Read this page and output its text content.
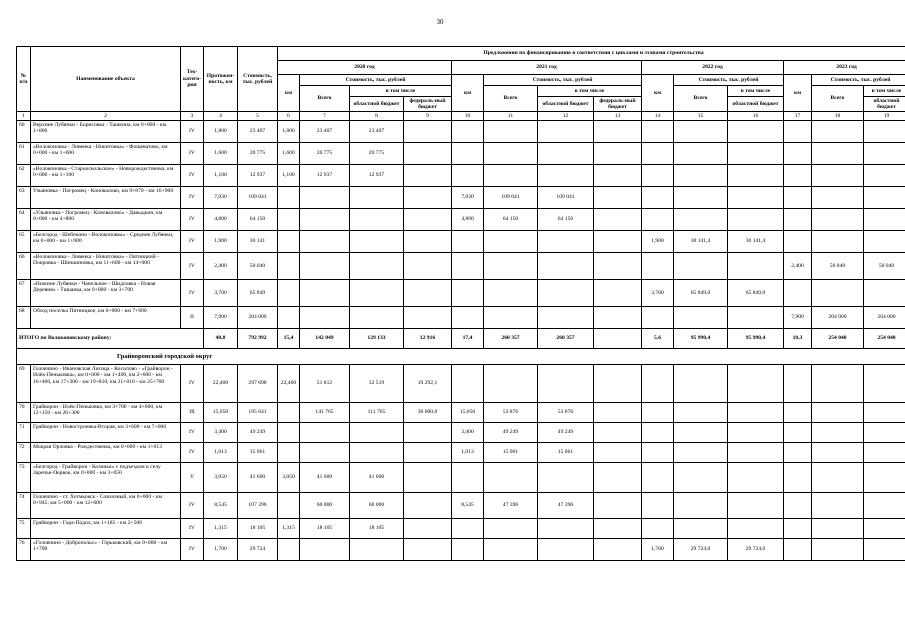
30
№ п/п	Наименование объекта	Тех-катего-рия	Протяжен-ность, км	Стоимость, тыс. рублей	Предложения по финансированию в соответствии с циклами и этапами строительства													
					2020 год				2021 год				2022 год			2023 год		
					км	Стоимость, тыс. рублей			км	Стоимость, тыс. рублей			км	Стоимость, тыс. рублей		км	Стоимость, тыс. рублей	
						Всего	в том числе			Всего	в том числе			Всего	в том числе		Всего	в том числе
							областной бюджет	федераль-ный бюджет			областной бюджет	федераль-ный бюджет			областной бюджет			областной бюджет
1	2	3	4	5	6	7	8	9	10	11	12	13	14	15	16	17	18	19
60	Верхние Лубянки - Борисовка - Ташкина, км 0+000 - км 1+800	IV	1,800	23 407	1,800	23 407	23 407											
61	«Волоконовка - Ливенка - Никитовка» - Фощеватово, км 0+000 - км 1+600	IV	1,600	20 775	1,600	20 775	20 775											
62	«Волоконовка - Старооскольское» - Новорождественка, км 0+000 - км 1+100	IV	1,100	12 937	1,100	12 937	12 937											
63	Ульяновка - Погромец - Коновалово, км 9+870 - км 16+900	IV	7,030	109 041					7,030	109 041	109 041							
64	«Ульяновка - Погромец - Коновалово» - Давыдкин, км 0+000 - км 4+800	IV	4,800	64 150					4,800	64 150	64 150							
65	«Белгород - Шебекино - Волоконовка» - Средние Лубянки, км 0+000 - км 1+900	IV	1,900	30 141									1,900	30 141,4	30 141,4			
66	«Волоконовка - Ливенка - Никитовка» - Пятницкий - Покровка - Шиншиновка, км 11+600 - км 14+000	IV	2,400	50 040												2,400	50 040	50 040
67	«Нижние Лубянки - Чапельное - Шидловка - Новая Деревня» - Тишанка, км 0+000 - км 3+700	IV	3,700	65 849									3,700	65 849,0	65 849,0			
68	Обход поселка Пятницкое, км 0+000 - км 7+900	II	7,900	204 000												7,900	204 000	204 000
ИТОГО по Волоконовскому району:			48,8	792 992	15,4	142 049	129 133	12 916	17,4	260 357	260 357		5,6	95 990,4	95 990,4	10,3	254 040	254 040
Грайворонский городской округ																		
69	Головчино - Ивановская Лисица - Косилово - «Грайворон - Илёк-Пеньковка», км 0+000 - км 1+400, км 2+600 - км 16+400, км 17+300 - км 19+810, км 21+010 - км 25+700	IV	22,400	297 698	22,400	51 812	32 519	19 292,1										
70	Грайворон - Илёк-Пеньковка, км 3+700 - км 4+600, км 12+150 - км 26+300	III	15,050	195 641		141 765	111 765	30 000,0	15,050	53 876	53 876							
71	Грайворон - Новостроевка-Вторая, км 3+600 - км 7+000	IV	3,400	49 249					3,400	49 249	49 249							
72	Мокрая Орловка - Рождественка, км 0+000 - км 1+013	IV	1,013	15 061					1,013	15 061	15 061							
73	«Белгород - Грайворон - Козинка» с подъездом к селу Заречье-Первое, км 0+000 - км 3+050	V	3,050	41 600	3,050	41 600	41 600											
74	Головчино - ст. Хотмыжск - Совхозный, км 0+000 - км 0+945; км 5+000 - км 12+600	IV	8,545	107 396		60 000	60 000		8,545	47 396	47 396							
75	Грайворон - Гора-Подол, км 1+185 - км 2+500	IV	1,315	18 105	1,315	18 105	18 105											
76	«Головчино - Добропольс» - Горьковский, км 0+000 - км 1+700	IV	1,700	29 724									1,700	29 724,0	29 724,0			
